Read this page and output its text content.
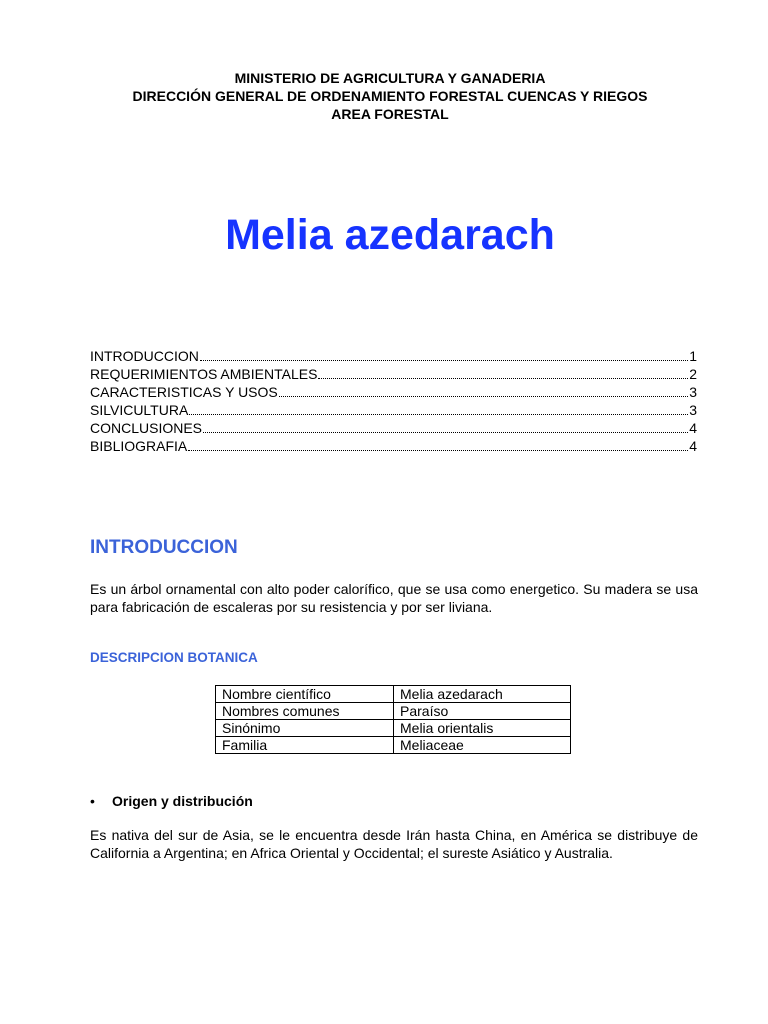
MINISTERIO DE AGRICULTURA Y GANADERIA
DIRECCIÓN GENERAL DE ORDENAMIENTO FORESTAL CUENCAS Y RIEGOS
AREA FORESTAL
Melia azedarach
INTRODUCCION	1
REQUERIMIENTOS AMBIENTALES	2
CARACTERISTICAS Y USOS	3
SILVICULTURA	3
CONCLUSIONES	4
BIBLIOGRAFIA	4
INTRODUCCION
Es un árbol ornamental con alto poder calorífico, que se usa como energetico. Su madera se usa para fabricación de escaleras por su resistencia y por ser liviana.
DESCRIPCION BOTANICA
Nombre científico	Melia azedarach
Nombres comunes	Paraíso
Sinónimo	Melia orientalis
Familia	Meliaceae
• Origen y distribución
Es nativa del sur de Asia, se le encuentra desde Irán hasta China, en América se distribuye de California a Argentina; en Africa Oriental y Occidental; el sureste Asiático y Australia.
